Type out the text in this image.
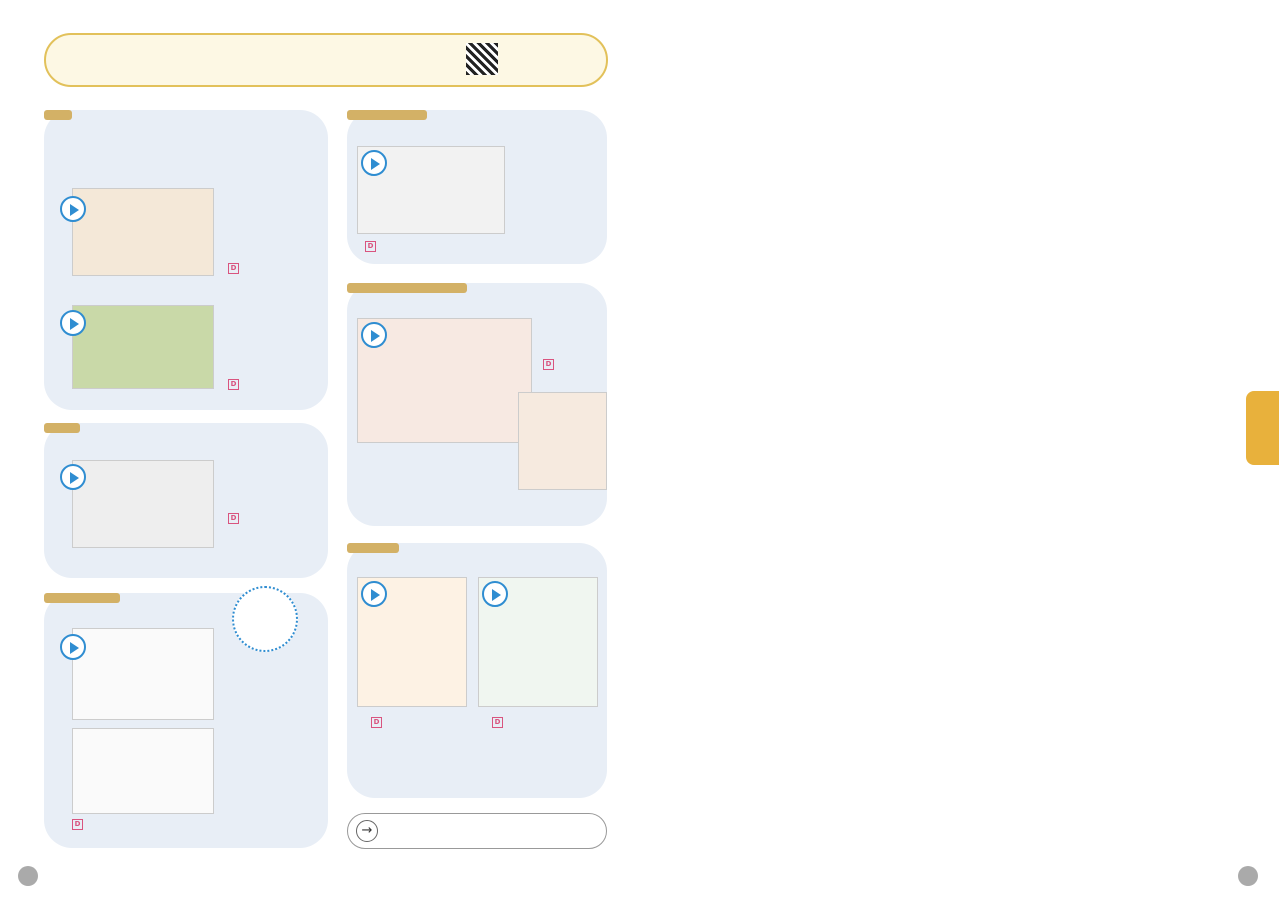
D
D
D
D
D
D
D	D
→
